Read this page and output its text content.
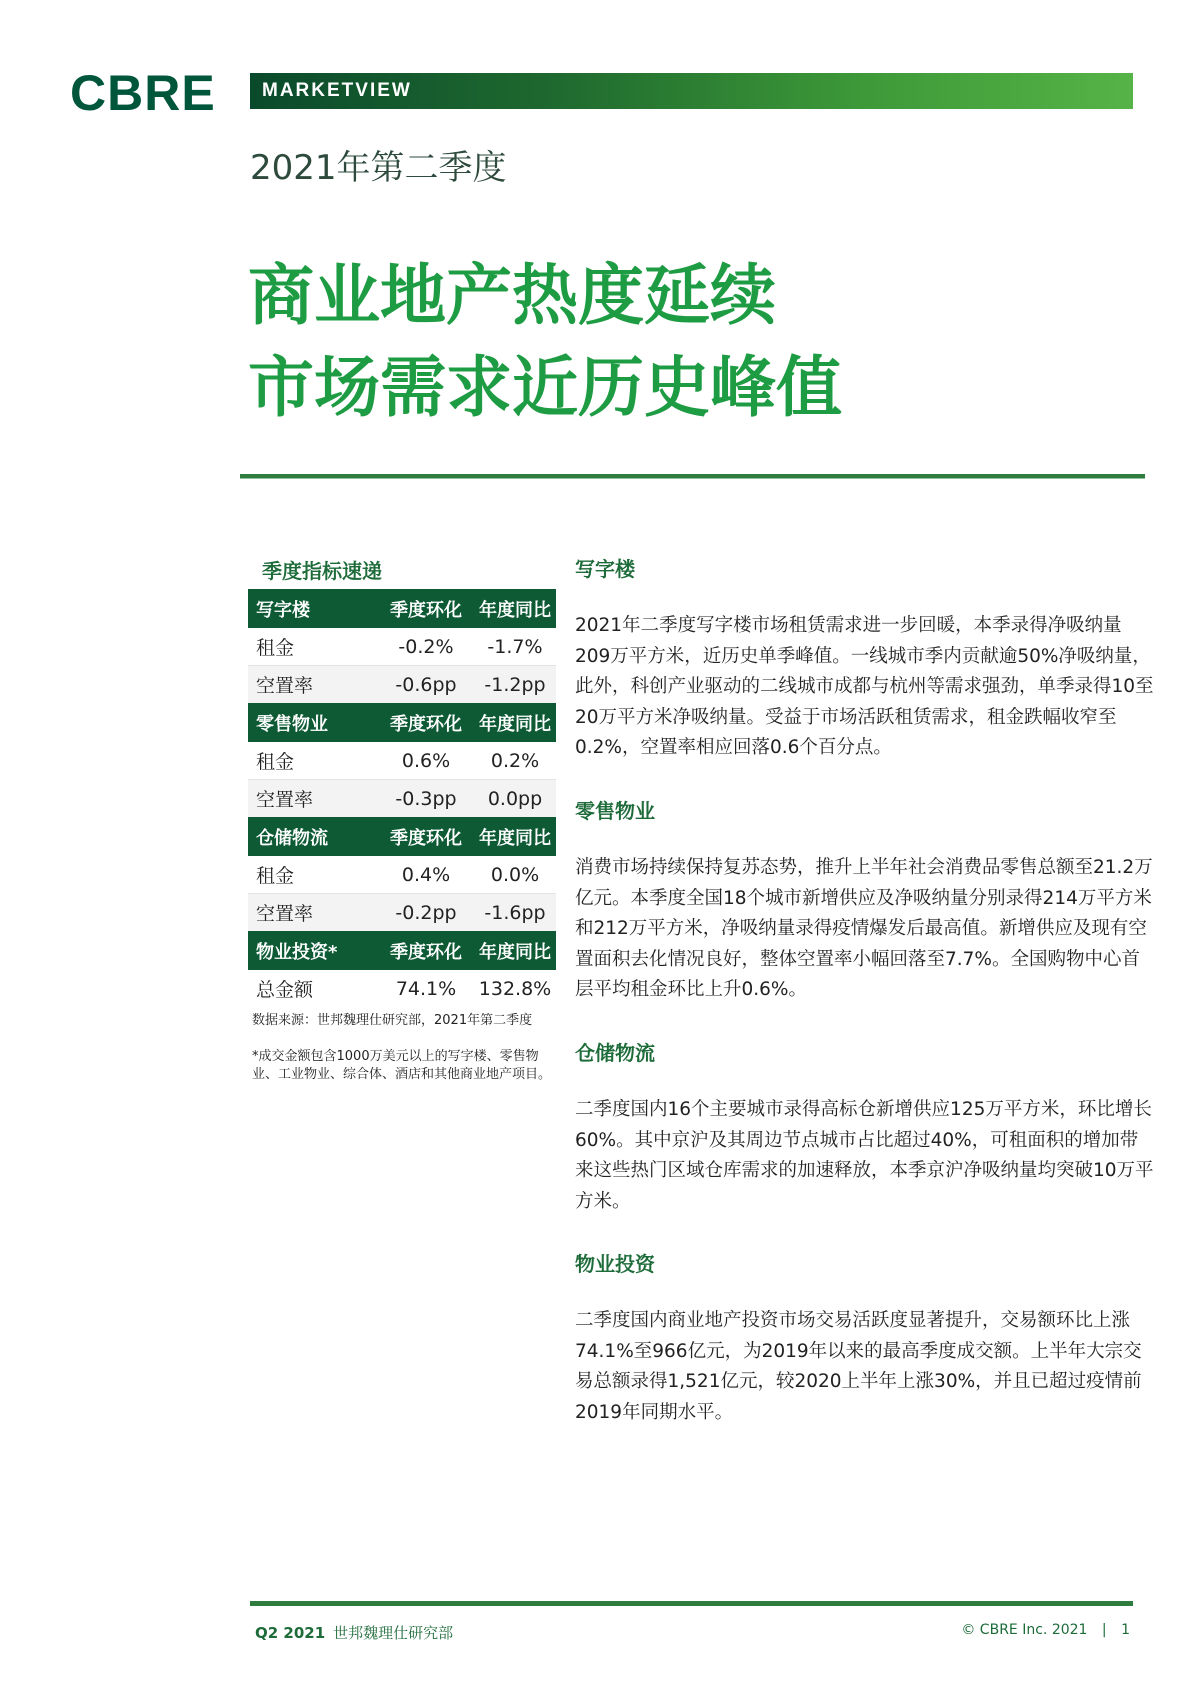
CBRE MARKETVIEW
2021年第二季度
商业地产热度延续
市场需求近历史峰值
季度指标速递
写字楼	季度环化 年度同比
租金	-0.2%	-1.7%
空置率	-0.6pp	-1.2pp
零售物业	季度环化 年度同比
租金	0.6%	0.2%
空置率	-0.3pp	0.0pp
仓储物流	季度环化 年度同比
租金	0.4%	0.0%
空置率	-0.2pp	-1.6pp
物业投资*	季度环化 年度同比
总金额	74.1%	132.8%

数据来源：世邦魏理仕研究部，2021年第二季度

*成交金额包含1000万美元以上的写字楼、零售物业、工业物业、综合体、酒店和其他商业地产项目。

写字楼

2021年二季度写字楼市场租赁需求进一步回暖，本季录得净吸纳量209万平方米，近历史单季峰值。一线城市季内贡献逾50%净吸纳量，此外，科创产业驱动的二线城市成都与杭州等需求强劲，单季录得10至20万平方米净吸纳量。受益于市场活跃租赁需求，租金跌幅收窄至0.2%，空置率相应回落0.6个百分点。

零售物业

消费市场持续保持复苏态势，推升上半年社会消费品零售总额至21.2万亿元。本季度全国18个城市新增供应及净吸纳量分别录得214万平方米和212万平方米，净吸纳量录得疫情爆发后最高值。新增供应及现有空置面积去化情况良好，整体空置率小幅回落至7.7%。全国购物中心首层平均租金环比上升0.6%。

仓储物流

二季度国内16个主要城市录得高标仓新增供应125万平方米，环比增长60%。其中京沪及其周边节点城市占比超过40%，可租面积的增加带来这些热门区域仓库需求的加速释放，本季京沪净吸纳量均突破10万平方米。

物业投资

二季度国内商业地产投资市场交易活跃度显著提升，交易额环比上涨74.1%至966亿元，为2019年以来的最高季度成交额。上半年大宗交易总额录得1,521亿元，较2020上半年上涨30%，并且已超过疫情前2019年同期水平。

Q2 2021 世邦魏理仕研究部	© CBRE Inc. 2021 | 1
